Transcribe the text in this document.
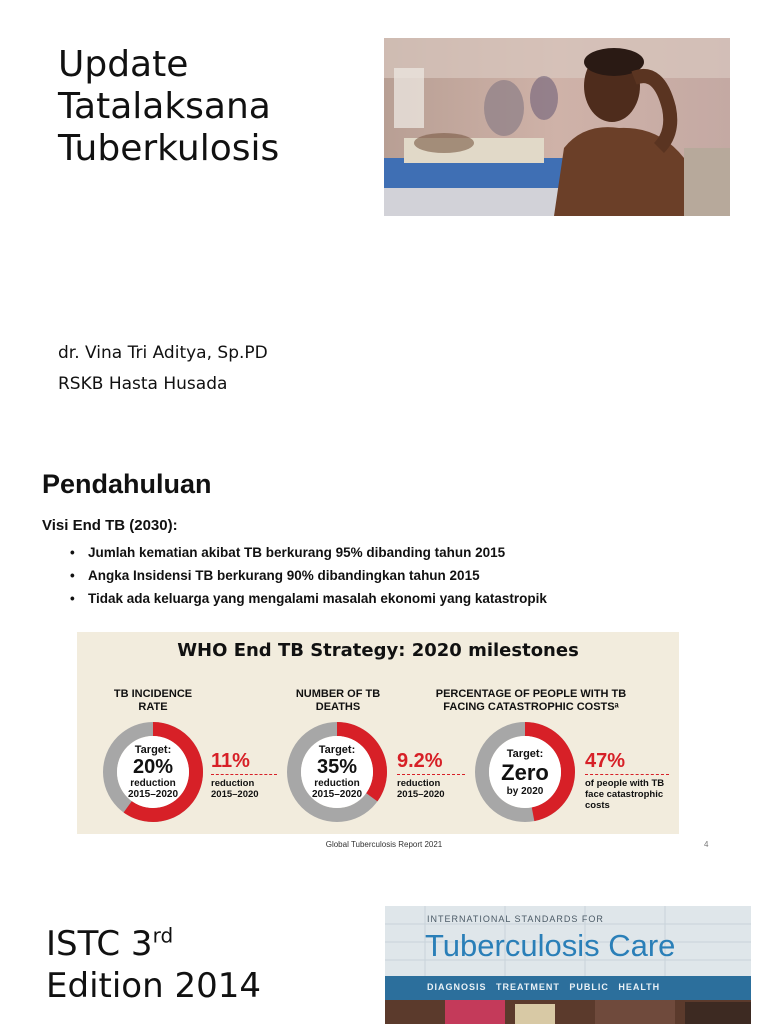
Update
Tatalaksana
Tuberkulosis
dr. Vina Tri Aditya, Sp.PD
RSKB Hasta Husada
Pendahuluan
Visi End TB (2030):
• Jumlah kematian akibat TB berkurang 95% dibanding tahun 2015
• Angka Insidensi TB berkurang 90% dibandingkan tahun 2015
• Tidak ada keluarga yang mengalami masalah ekonomi yang katastropik
WHO End TB Strategy: 2020 milestones
TB INCIDENCE
RATE
Target:
20%
reduction
2015–2020
11%
reduction
2015–2020
NUMBER OF TB
DEATHS
Target:
35%
reduction
2015–2020
9.2%
reduction
2015–2020
PERCENTAGE OF PEOPLE WITH TB
FACING CATASTROPHIC COSTSᵃ
Target:
Zero
by 2020
47%
of people with TB
face catastrophic
costs
Global Tuberculosis Report 2021	4
ISTC 3rd
Edition 2014
INTERNATIONAL STANDARDS FOR
Tuberculosis Care
DIAGNOSIS TREATMENT PUBLIC HEALTH
